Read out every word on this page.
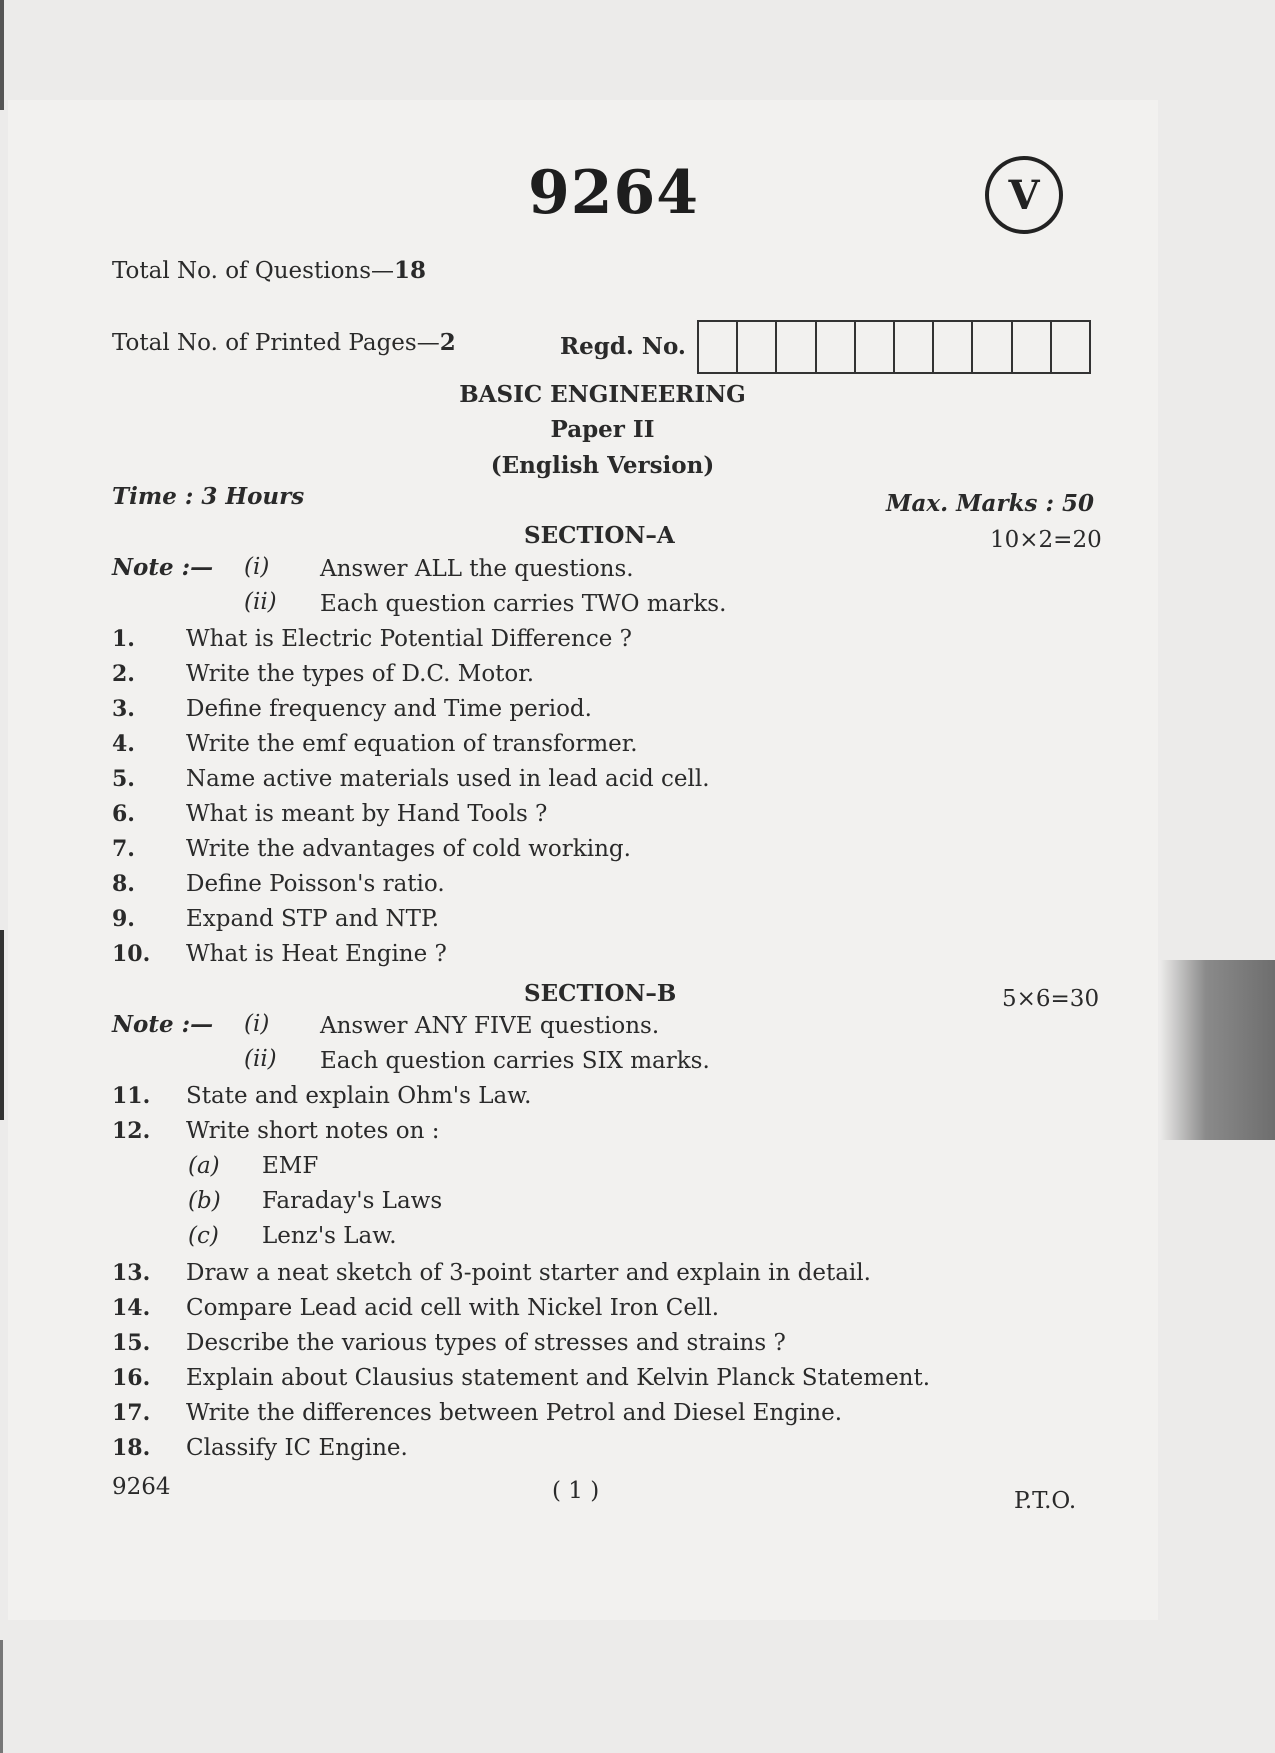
9264	V
Total No. of Questions—18
Total No. of Printed Pages—2	Regd. No.
BASIC ENGINEERING
Paper II
(English Version)
Time : 3 Hours	Max. Marks : 50
SECTION–A	10×2=20
Note :— (i) Answer ALL the questions.
(ii) Each question carries TWO marks.
1. What is Electric Potential Difference ?
2. Write the types of D.C. Motor.
3. Define frequency and Time period.
4. Write the emf equation of transformer.
5. Name active materials used in lead acid cell.
6. What is meant by Hand Tools ?
7. Write the advantages of cold working.
8. Define Poisson's ratio.
9. Expand STP and NTP.
10. What is Heat Engine ?
SECTION–B	5×6=30
Note :— (i) Answer ANY FIVE questions.
(ii) Each question carries SIX marks.
11. State and explain Ohm's Law.
12. Write short notes on :
(a) EMF
(b) Faraday's Laws
(c) Lenz's Law.
13. Draw a neat sketch of 3-point starter and explain in detail.
14. Compare Lead acid cell with Nickel Iron Cell.
15. Describe the various types of stresses and strains ?
16. Explain about Clausius statement and Kelvin Planck Statement.
17. Write the differences between Petrol and Diesel Engine.
18. Classify IC Engine.
9264	( 1 )	P.T.O.
